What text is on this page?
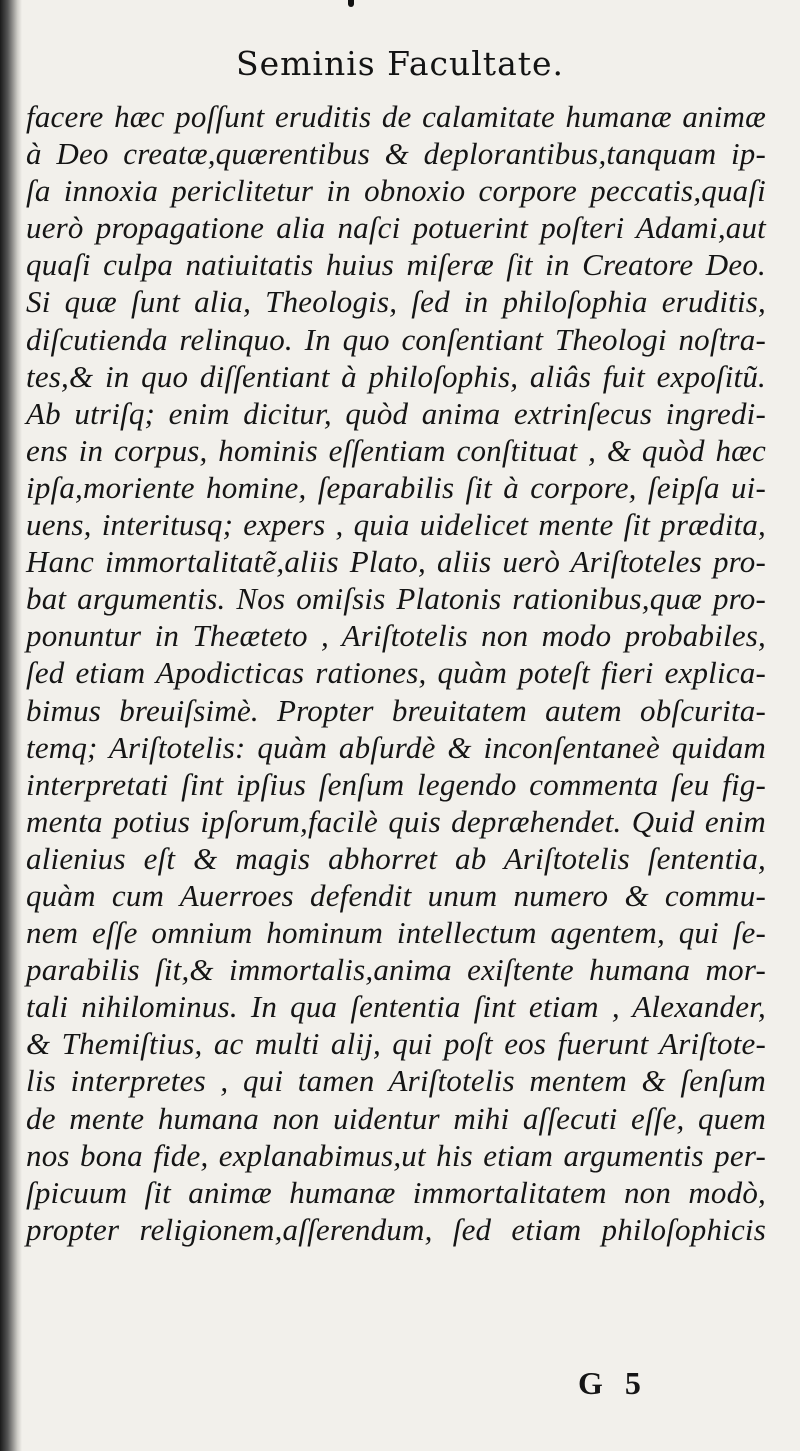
Seminis Facultate.
facere hæc poſſunt eruditis de calamitate humanæ animæ
à Deo creatæ,quærentibus & deplorantibus,tanquam ip-
ſa innoxia periclitetur in obnoxio corpore peccatis,quaſi
uerò propagatione alia naſci potuerint poſteri Adami,aut
quaſi culpa natiuitatis huius miſeræ ſit in Creatore Deo.
Si quæ ſunt alia, Theologis, ſed in philoſophia eruditis,
diſcutienda relinquo. In quo conſentiant Theologi noſtra-
tes,& in quo diſſentiant à philoſophis, aliâs fuit expoſitũ.
Ab utriſq; enim dicitur, quòd anima extrinſecus ingredi-
ens in corpus, hominis eſſentiam conſtituat , & quòd hæc
ipſa,moriente homine, ſeparabilis ſit à corpore, ſeipſa ui-
uens, interitusq; expers , quia uidelicet mente ſit prædita,
Hanc immortalitatẽ,aliis Plato, aliis uerò Ariſtoteles pro-
bat argumentis. Nos omiſsis Platonis rationibus,quæ pro-
ponuntur in Theæteto , Ariſtotelis non modo probabiles,
ſed etiam Apodicticas rationes, quàm poteſt fieri explica-
bimus breuiſsimè. Propter breuitatem autem obſcurita-
temq; Ariſtotelis: quàm abſurdè & inconſentaneè quidam
interpretati ſint ipſius ſenſum legendo commenta ſeu fig-
menta potius ipſorum,facilè quis depræhendet. Quid enim
alienius eſt & magis abhorret ab Ariſtotelis ſententia,
quàm cum Auerroes defendit unum numero & commu-
nem eſſe omnium hominum intellectum agentem, qui ſe-
parabilis ſit,& immortalis,anima exiſtente humana mor-
tali nihilominus. In qua ſententia ſint etiam , Alexander,
& Themiſtius, ac multi alij, qui poſt eos fuerunt Ariſtote-
lis interpretes , qui tamen Ariſtotelis mentem & ſenſum
de mente humana non uidentur mihi aſſecuti eſſe, quem
nos bona fide, explanabimus,ut his etiam argumentis per-
ſpicuum ſit animæ humanæ immortalitatem non modò,
propter religionem,aſſerendum, ſed etiam philoſophicis
G 5
